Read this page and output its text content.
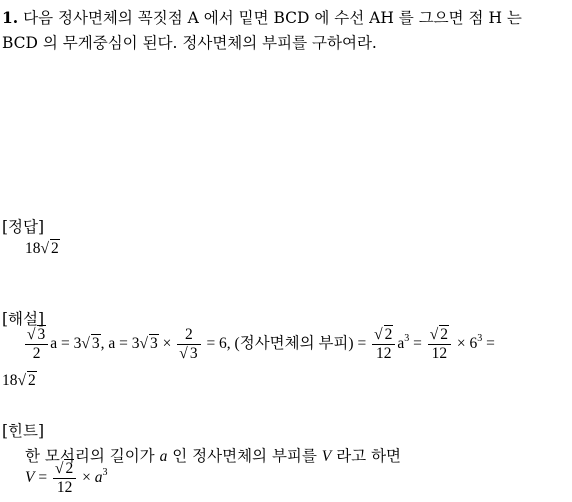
1. 다음 정사면체의 꼭짓점 A 에서 밑면 BCD 에 수선 AH 를 그으면 점 H 는
BCD 의 무게중심이 된다. 정사면체의 부피를 구하여라.
[정답]
18√ 2
[해설]
$\frac{√ 3}{2}$ a = 3√ 3, a = 3√ $3 \times \frac{2}{√ 3} = 6$, (정사면체의 부피) = $\frac{√ 2}{12} a^3 = \frac{√ 2}{12} \times 6^3$ =
18√ 2
[힌트]
한 모서리의 길이가 a 인 정사면체의 부피를 V 라고 하면
$V = \frac{√ 2}{12} \times a^3$
